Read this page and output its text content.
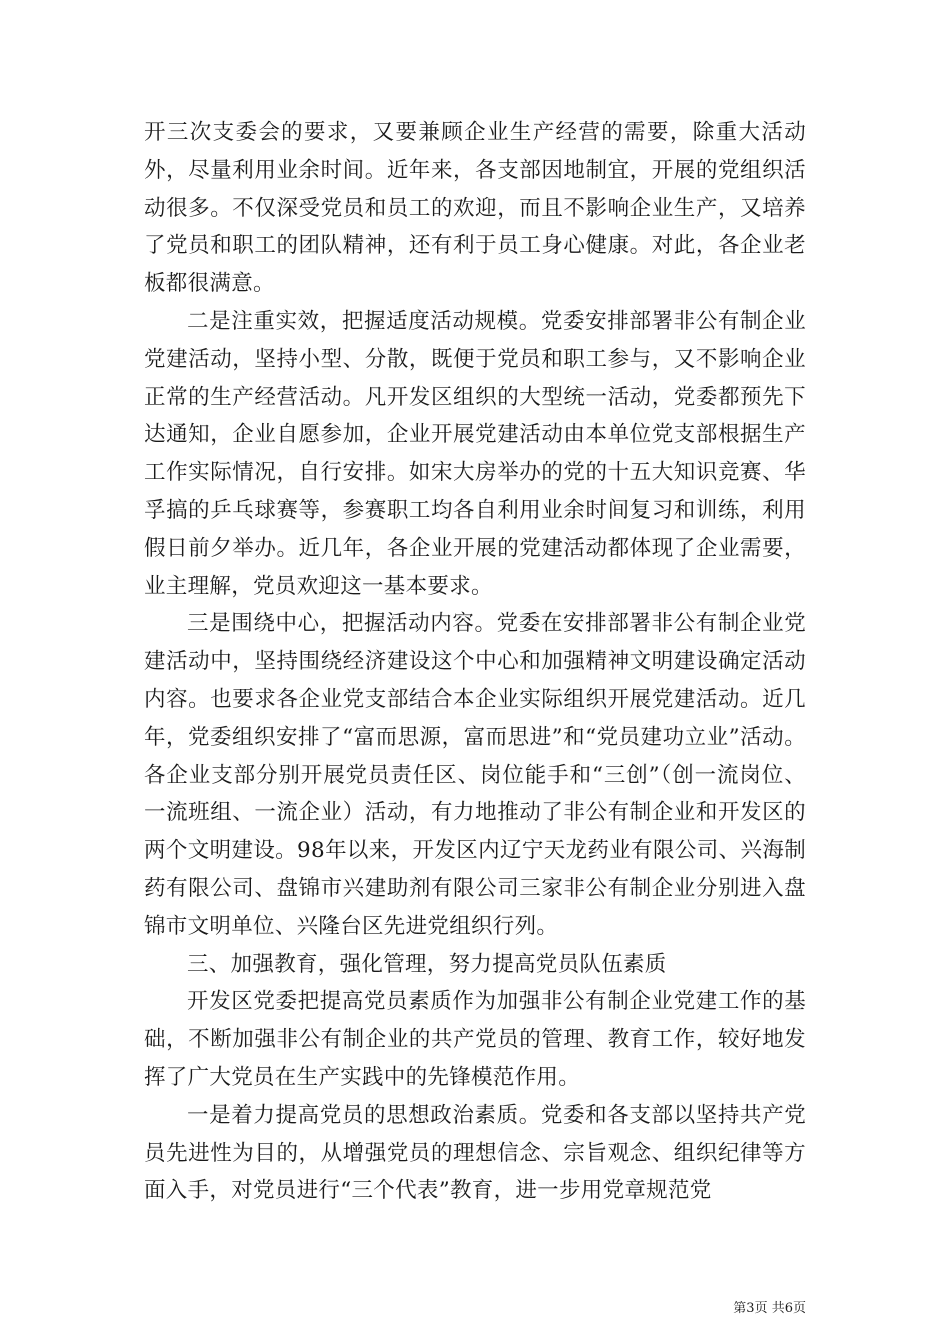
开三次支委会的要求，又要兼顾企业生产经营的需要，除重大活动外，尽量利用业余时间。近年来，各支部因地制宜，开展的党组织活动很多。不仅深受党员和员工的欢迎，而且不影响企业生产，又培养了党员和职工的团队精神，还有利于员工身心健康。对此，各企业老板都很满意。

二是注重实效，把握适度活动规模。党委安排部署非公有制企业党建活动，坚持小型、分散，既便于党员和职工参与，又不影响企业正常的生产经营活动。凡开发区组织的大型统一活动，党委都预先下达通知，企业自愿参加，企业开展党建活动由本单位党支部根据生产工作实际情况，自行安排。如宋大房举办的党的十五大知识竞赛、华孚搞的乒乓球赛等，参赛职工均各自利用业余时间复习和训练，利用假日前夕举办。近几年，各企业开展的党建活动都体现了企业需要，业主理解，党员欢迎这一基本要求。

三是围绕中心，把握活动内容。党委在安排部署非公有制企业党建活动中，坚持围绕经济建设这个中心和加强精神文明建设确定活动内容。也要求各企业党支部结合本企业实际组织开展党建活动。近几年，党委组织安排了“富而思源，富而思进”和“党员建功立业”活动。各企业支部分别开展党员责任区、岗位能手和“三创”（创一流岗位、一流班组、一流企业）活动，有力地推动了非公有制企业和开发区的两个文明建设。98年以来，开发区内辽宁天龙药业有限公司、兴海制药有限公司、盘锦市兴建助剂有限公司三家非公有制企业分别进入盘锦市文明单位、兴隆台区先进党组织行列。

三、加强教育，强化管理，努力提高党员队伍素质

开发区党委把提高党员素质作为加强非公有制企业党建工作的基础，不断加强非公有制企业的共产党员的管理、教育工作，较好地发挥了广大党员在生产实践中的先锋模范作用。

一是着力提高党员的思想政治素质。党委和各支部以坚持共产党员先进性为目的，从增强党员的理想信念、宗旨观念、组织纪律等方面入手，对党员进行“三个代表”教育，进一步用党章规范党

第3页 共6页
